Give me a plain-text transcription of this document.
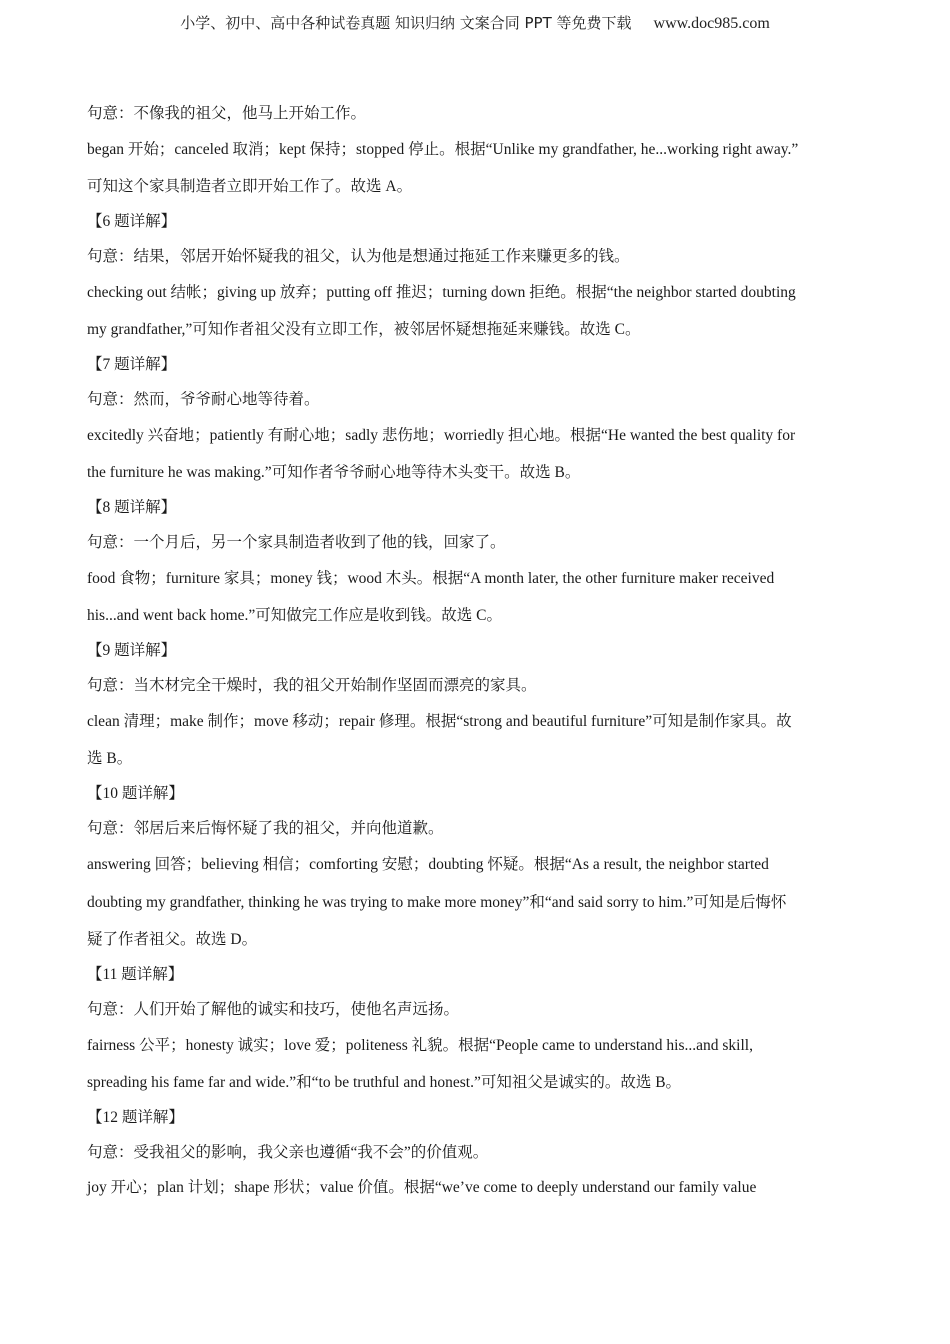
小学、初中、高中各种试卷真题 知识归纳 文案合同 PPT 等免费下载 www.doc985.com
句意：不像我的祖父，他马上开始工作。
began 开始；canceled 取消；kept 保持；stopped 停止。根据“Unlike my grandfather, he...working right away.”
可知这个家具制造者立即开始工作了。故选 A。
【6 题详解】
句意：结果，邻居开始怀疑我的祖父，认为他是想通过拖延工作来赚更多的钱。
checking out 结帐；giving up 放弃；putting off 推迟；turning down 拒绝。根据“the neighbor started doubting
my grandfather,”可知作者祖父没有立即工作，被邻居怀疑想拖延来赚钱。故选 C。
【7 题详解】
句意：然而，爷爷耐心地等待着。
excitedly 兴奋地；patiently 有耐心地；sadly 悲伤地；worriedly 担心地。根据“He wanted the best quality for
the furniture he was making.”可知作者爷爷耐心地等待木头变干。故选 B。
【8 题详解】
句意：一个月后，另一个家具制造者收到了他的钱，回家了。
food 食物；furniture 家具；money 钱；wood 木头。根据“A month later, the other furniture maker received
his...and went back home.”可知做完工作应是收到钱。故选 C。
【9 题详解】
句意：当木材完全干燥时，我的祖父开始制作坚固而漂亮的家具。
clean 清理；make 制作；move 移动；repair 修理。根据“strong and beautiful furniture”可知是制作家具。故
选 B。
【10 题详解】
句意：邻居后来后悔怀疑了我的祖父，并向他道歉。
answering 回答；believing 相信；comforting 安慰；doubting 怀疑。根据“As a result, the neighbor started
doubting my grandfather, thinking he was trying to make more money”和“and said sorry to him.”可知是后悔怀
疑了作者祖父。故选 D。
【11 题详解】
句意：人们开始了解他的诚实和技巧，使他名声远扬。
fairness 公平；honesty 诚实；love 爱；politeness 礼貌。根据“People came to understand his...and skill,
spreading his fame far and wide.”和“to be truthful and honest.”可知祖父是诚实的。故选 B。
【12 题详解】
句意：受我祖父的影响，我父亲也遵循“我不会”的价值观。
joy 开心；plan 计划；shape 形状；value 价值。根据“we’ve come to deeply understand our family value
